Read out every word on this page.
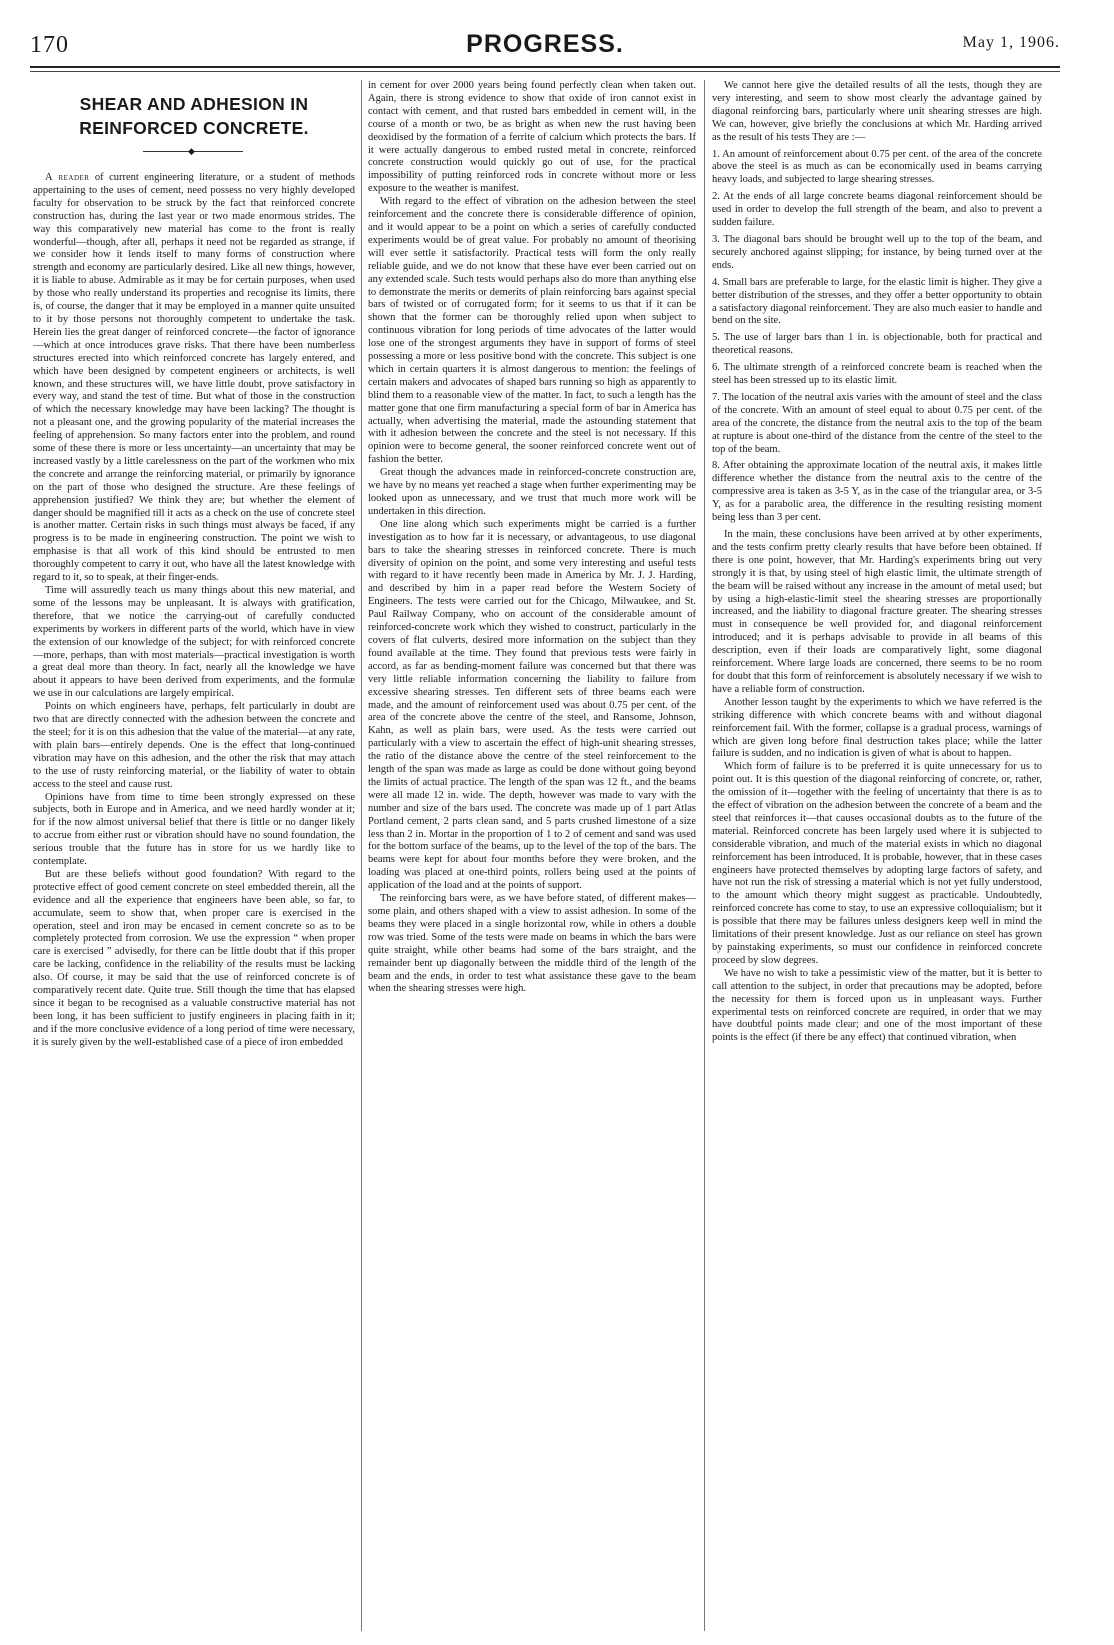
170	PROGRESS.	May 1, 1906.
SHEAR AND ADHESION IN REINFORCED CONCRETE.
◆

A reader of current engineering literature, or a student of methods appertaining to the uses of cement, need possess no very highly developed faculty for observation to be struck by the fact that reinforced concrete construction has, during the last year or two made enormous strides. The way this comparatively new material has come to the front is really wonderful—though, after all, perhaps it need not be regarded as strange, if we consider how it lends itself to many forms of construction where strength and economy are particularly desired. Like all new things, however, it is liable to abuse. Admirable as it may be for certain purposes, when used by those who really understand its properties and recognise its limits, there is, of course, the danger that it may be employed in a manner quite unsuited to it by those persons not thoroughly competent to undertake the task. Herein lies the great danger of reinforced concrete—the factor of ignorance—which at once introduces grave risks. That there have been numberless structures erected into which reinforced concrete has largely entered, and which have been designed by competent engineers or architects, is well known, and these structures will, we have little doubt, prove satisfactory in every way, and stand the test of time. But what of those in the construction of which the necessary knowledge may have been lacking? The thought is not a pleasant one, and the growing popularity of the material increases the feeling of apprehension. So many factors enter into the problem, and round some of these there is more or less uncertainty—an uncertainty that may be increased vastly by a little carelessness on the part of the workmen who mix the concrete and arrange the reinforcing material, or primarily by ignorance on the part of those who designed the structure. Are these feelings of apprehension justified? We think they are; but whether the element of danger should be magnified till it acts as a check on the use of concrete steel is another matter. Certain risks in such things must always be faced, if any progress is to be made in engineering construction. The point we wish to emphasise is that all work of this kind should be entrusted to men thoroughly competent to carry it out, who have all the latest knowledge with regard to it, so to speak, at their finger-ends.

Time will assuredly teach us many things about this new material, and some of the lessons may be unpleasant. It is always with gratification, therefore, that we notice the carrying-out of carefully conducted experiments by workers in different parts of the world, which have in view the extension of our knowledge of the subject; for with reinforced concrete—more, perhaps, than with most materials—practical investigation is worth a great deal more than theory. In fact, nearly all the knowledge we have about it appears to have been derived from experiments, and the formulæ we use in our calculations are largely empirical.

Points on which engineers have, perhaps, felt particularly in doubt are two that are directly connected with the adhesion between the concrete and the steel; for it is on this adhesion that the value of the material—at any rate, with plain bars—entirely depends. One is the effect that long-continued vibration may have on this adhesion, and the other the risk that may attach to the use of rusty reinforcing material, or the liability of water to obtain access to the steel and cause rust.

Opinions have from time to time been strongly expressed on these subjects, both in Europe and in America, and we need hardly wonder at it; for if the now almost universal belief that there is little or no danger likely to accrue from either rust or vibration should have no sound foundation, the serious trouble that the future has in store for us we hardly like to contemplate.

But are these beliefs without good foundation? With regard to the protective effect of good cement concrete on steel embedded therein, all the evidence and all the experience that engineers have been able, so far, to accumulate, seem to show that, when proper care is exercised in the operation, steel and iron may be encased in cement concrete so as to be completely protected from corrosion. We use the expression “ when proper care is exercised ” advisedly, for there can be little doubt that if this proper care be lacking, confidence in the reliability of the results must be lacking also. Of course, it may be said that the use of reinforced concrete is of comparatively recent date. Quite true. Still though the time that has elapsed since it began to be recognised as a valuable constructive material has not been long, it has been sufficient to justify engineers in placing faith in it; and if the more conclusive evidence of a long period of time were necessary, it is surely given by the well-established case of a piece of iron embedded

in cement for over 2000 years being found perfectly clean when taken out. Again, there is strong evidence to show that oxide of iron cannot exist in contact with cement, and that rusted bars embedded in cement will, in the course of a month or two, be as bright as when new the rust having been deoxidised by the formation of a ferrite of calcium which protects the bars. If it were actually dangerous to embed rusted metal in concrete, reinforced concrete construction would quickly go out of use, for the practical impossibility of putting reinforced rods in concrete without more or less exposure to the weather is manifest.

With regard to the effect of vibration on the adhesion between the steel reinforcement and the concrete there is considerable difference of opinion, and it would appear to be a point on which a series of carefully conducted experiments would be of great value. For probably no amount of theorising will ever settle it satisfactorily. Practical tests will form the only really reliable guide, and we do not know that these have ever been carried out on any extended scale. Such tests would perhaps also do more than anything else to demonstrate the merits or demerits of plain reinforcing bars against special bars of twisted or of corrugated form; for it seems to us that if it can be shown that the former can be thoroughly relied upon when subject to continuous vibration for long periods of time advocates of the latter would lose one of the strongest arguments they have in support of forms of steel possessing a more or less positive bond with the concrete. This subject is one which in certain quarters it is almost dangerous to mention: the feelings of certain makers and advocates of shaped bars running so high as apparently to blind them to a reasonable view of the matter. In fact, to such a length has the matter gone that one firm manufacturing a special form of bar in America has actually, when advertising the material, made the astounding statement that with it adhesion between the concrete and the steel is not necessary. If this opinion were to become general, the sooner reinforced concrete went out of fashion the better.

Great though the advances made in reinforced-concrete construction are, we have by no means yet reached a stage when further experimenting may be looked upon as unnecessary, and we trust that much more work will be undertaken in this direction.

One line along which such experiments might be carried is a further investigation as to how far it is necessary, or advantageous, to use diagonal bars to take the shearing stresses in reinforced concrete. There is much diversity of opinion on the point, and some very interesting and useful tests with regard to it have recently been made in America by Mr. J. J. Harding, and described by him in a paper read before the Western Society of Engineers. The tests were carried out for the Chicago, Milwaukee, and St. Paul Railway Company, who on account of the considerable amount of reinforced-concrete work which they wished to construct, particularly in the covers of flat culverts, desired more information on the subject than they found available at the time. They found that previous tests were fairly in accord, as far as bending-moment failure was concerned but that there was very little reliable information concerning the liability to failure from excessive shearing stresses. Ten different sets of three beams each were made, and the amount of reinforcement used was about 0.75 per cent. of the area of the concrete above the centre of the steel, and Ransome, Johnson, Kahn, as well as plain bars, were used. As the tests were carried out particularly with a view to ascertain the effect of high-unit shearing stresses, the ratio of the distance above the centre of the steel reinforcement to the length of the span was made as large as could be done without going beyond the limits of actual practice. The length of the span was 12 ft., and the beams were all made 12 in. wide. The depth, however was made to vary with the number and size of the bars used. The concrete was made up of 1 part Atlas Portland cement, 2 parts clean sand, and 5 parts crushed limestone of a size less than 2 in. Mortar in the proportion of 1 to 2 of cement and sand was used for the bottom surface of the beams, up to the level of the top of the bars. The beams were kept for about four months before they were broken, and the loading was placed at one-third points, rollers being used at the points of application of the load and at the points of support.

The reinforcing bars were, as we have before stated, of different makes—some plain, and others shaped with a view to assist adhesion. In some of the beams they were placed in a single horizontal row, while in others a double row was tried. Some of the tests were made on beams in which the bars were quite straight, while other beams had some of the bars straight, and the remainder bent up diagonally between the middle third of the length of the beam and the ends, in order to test what assistance these gave to the beam when the shearing stresses were high.

We cannot here give the detailed results of all the tests, though they are very interesting, and seem to show most clearly the advantage gained by diagonal reinforcing bars, particularly where unit shearing stresses are high. We can, however, give briefly the conclusions at which Mr. Harding arrived as the result of his tests They are :—

1. An amount of reinforcement about 0.75 per cent. of the area of the concrete above the steel is as much as can be economically used in beams carrying heavy loads, and subjected to large shearing stresses.

2. At the ends of all large concrete beams diagonal reinforcement should be used in order to develop the full strength of the beam, and also to prevent a sudden failure.

3. The diagonal bars should be brought well up to the top of the beam, and securely anchored against slipping; for instance, by being turned over at the ends.

4. Small bars are preferable to large, for the elastic limit is higher. They give a better distribution of the stresses, and they offer a better opportunity to obtain a satisfactory diagonal reinforcement. They are also much easier to handle and bend on the site.

5. The use of larger bars than 1 in. is objectionable, both for practical and theoretical reasons.

6. The ultimate strength of a reinforced concrete beam is reached when the steel has been stressed up to its elastic limit.

7. The location of the neutral axis varies with the amount of steel and the class of the concrete. With an amount of steel equal to about 0.75 per cent. of the area of the concrete, the distance from the neutral axis to the top of the beam at rupture is about one-third of the distance from the centre of the steel to the top of the beam.

8. After obtaining the approximate location of the neutral axis, it makes little difference whether the distance from the neutral axis to the centre of the compressive area is taken as 3-5 Y, as in the case of the triangular area, or 3-5 Y, as for a parabolic area, the difference in the resulting resisting moment being less than 3 per cent.

In the main, these conclusions have been arrived at by other experiments, and the tests confirm pretty clearly results that have before been obtained. If there is one point, however, that Mr. Harding's experiments bring out very strongly it is that, by using steel of high elastic limit, the ultimate strength of the beam will be raised without any increase in the amount of metal used; but by using a high-elastic-limit steel the shearing stresses are proportionally increased, and the liability to diagonal fracture greater. The shearing stresses must in consequence be well provided for, and diagonal reinforcement introduced; and it is perhaps advisable to provide in all beams of this description, even if their loads are comparatively light, some diagonal reinforcement. Where large loads are concerned, there seems to be no room for doubt that this form of reinforcement is absolutely necessary if we wish to have a reliable form of construction.

Another lesson taught by the experiments to which we have referred is the striking difference with which concrete beams with and without diagonal reinforcement fail. With the former, collapse is a gradual process, warnings of which are given long before final destruction takes place; while the latter failure is sudden, and no indication is given of what is about to happen.

Which form of failure is to be preferred it is quite unnecessary for us to point out. It is this question of the diagonal reinforcing of concrete, or, rather, the omission of it—together with the feeling of uncertainty that there is as to the effect of vibration on the adhesion between the concrete of a beam and the steel that reinforces it—that causes occasional doubts as to the future of the material. Reinforced concrete has been largely used where it is subjected to considerable vibration, and much of the material exists in which no diagonal reinforcement has been introduced. It is probable, however, that in these cases engineers have protected themselves by adopting large factors of safety, and have not run the risk of stressing a material which is not yet fully understood, to the amount which theory might suggest as practicable. Undoubtedly, reinforced concrete has come to stay, to use an expressive colloquialism; but it is possible that there may be failures unless designers keep well in mind the limitations of their present knowledge. Just as our reliance on steel has grown by painstaking experiments, so must our confidence in reinforced concrete proceed by slow degrees.

We have no wish to take a pessimistic view of the matter, but it is better to call attention to the subject, in order that precautions may be adopted, before the necessity for them is forced upon us in unpleasant ways. Further experimental tests on reinforced concrete are required, in order that we may have doubtful points made clear; and one of the most important of these points is the effect (if there be any effect) that continued vibration, when
